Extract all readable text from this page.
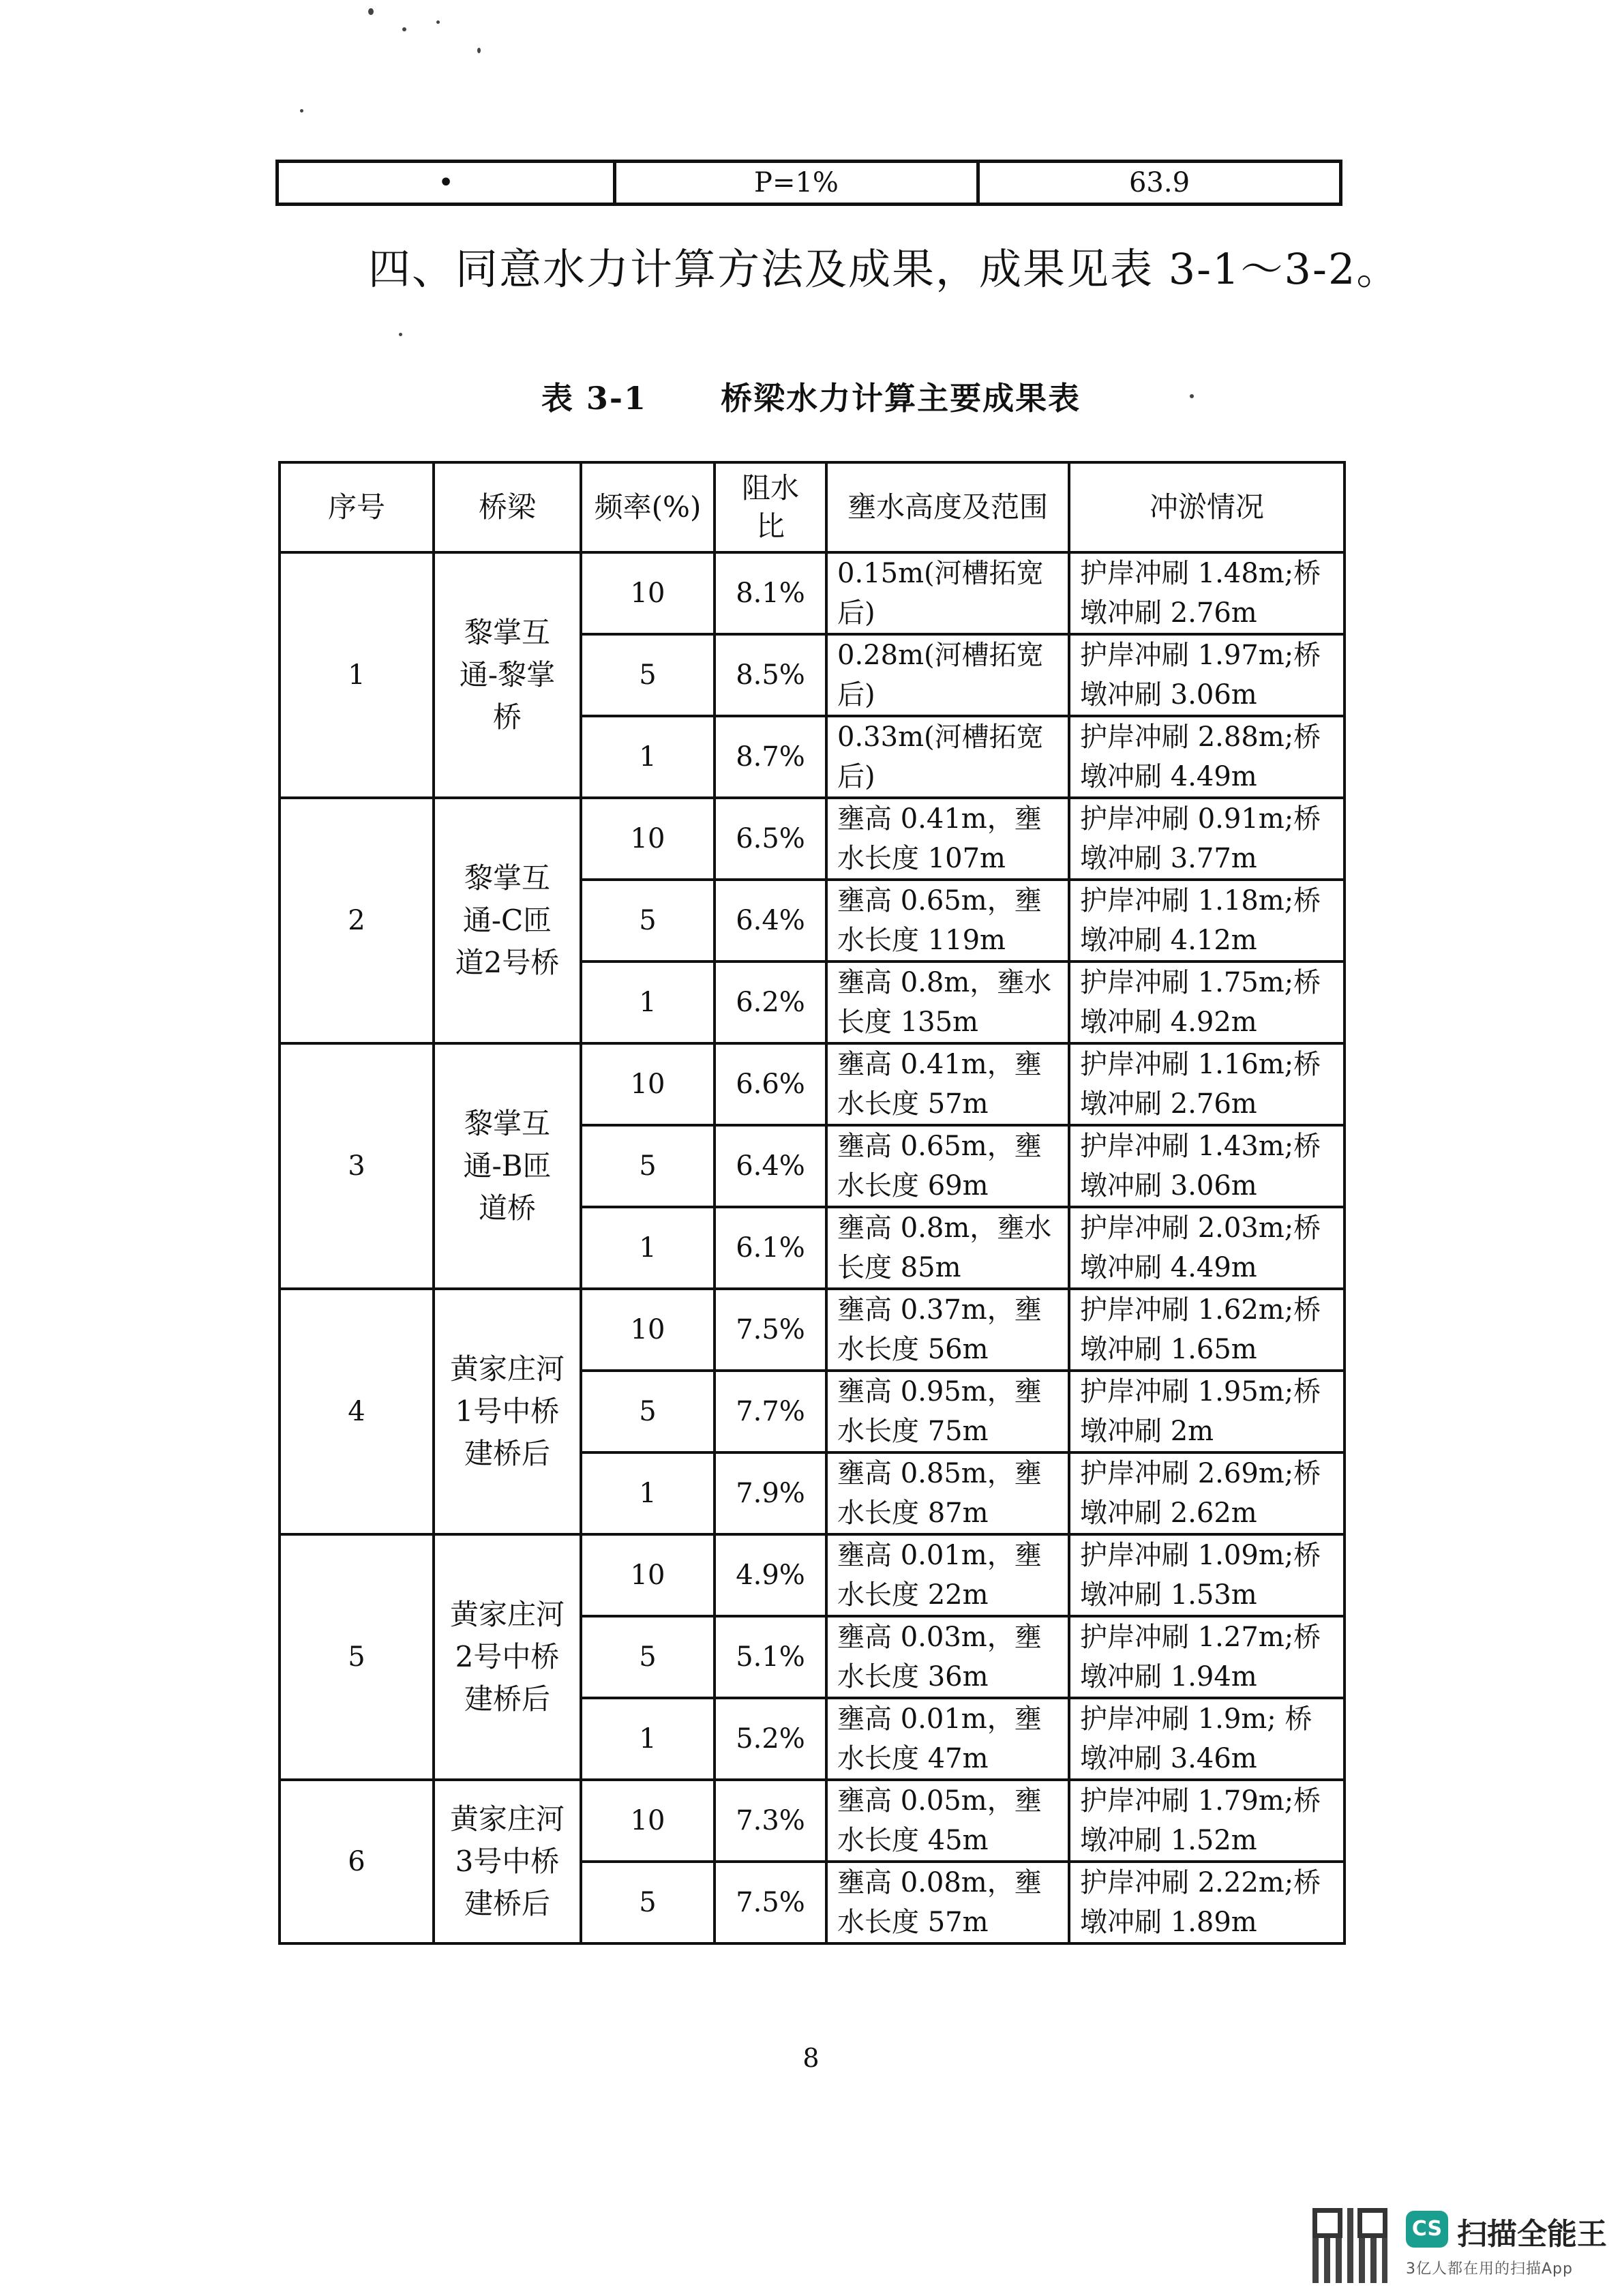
•	P=1%	63.9
四、同意水力计算方法及成果，成果见表 3-1～3-2。
表 3-1 桥梁水力计算主要成果表
序号	桥梁	频率(%)	阻水比	壅水高度及范围	冲淤情况
1	黎掌互通-黎掌桥	10	8.1%	0.15m(河槽拓宽后)	护岸冲刷 1.48m;桥墩冲刷 2.76m
		5	8.5%	0.28m(河槽拓宽后)	护岸冲刷 1.97m;桥墩冲刷 3.06m
		1	8.7%	0.33m(河槽拓宽后)	护岸冲刷 2.88m;桥墩冲刷 4.49m
2	黎掌互通-C匝道2号桥	10	6.5%	壅高 0.41m，壅水长度 107m	护岸冲刷 0.91m;桥墩冲刷 3.77m
		5	6.4%	壅高 0.65m，壅水长度 119m	护岸冲刷 1.18m;桥墩冲刷 4.12m
		1	6.2%	壅高 0.8m，壅水长度 135m	护岸冲刷 1.75m;桥墩冲刷 4.92m
3	黎掌互通-B匝道桥	10	6.6%	壅高 0.41m，壅水长度 57m	护岸冲刷 1.16m;桥墩冲刷 2.76m
		5	6.4%	壅高 0.65m，壅水长度 69m	护岸冲刷 1.43m;桥墩冲刷 3.06m
		1	6.1%	壅高 0.8m，壅水长度 85m	护岸冲刷 2.03m;桥墩冲刷 4.49m
4	黄家庄河1号中桥建桥后	10	7.5%	壅高 0.37m，壅水长度 56m	护岸冲刷 1.62m;桥墩冲刷 1.65m
		5	7.7%	壅高 0.95m，壅水长度 75m	护岸冲刷 1.95m;桥墩冲刷 2m
		1	7.9%	壅高 0.85m，壅水长度 87m	护岸冲刷 2.69m;桥墩冲刷 2.62m
5	黄家庄河2号中桥建桥后	10	4.9%	壅高 0.01m，壅水长度 22m	护岸冲刷 1.09m;桥墩冲刷 1.53m
		5	5.1%	壅高 0.03m，壅水长度 36m	护岸冲刷 1.27m;桥墩冲刷 1.94m
		1	5.2%	壅高 0.01m，壅水长度 47m	护岸冲刷 1.9m; 桥墩冲刷 3.46m
6	黄家庄河3号中桥建桥后	10	7.3%	壅高 0.05m，壅水长度 45m	护岸冲刷 1.79m;桥墩冲刷 1.52m
		5	7.5%	壅高 0.08m，壅水长度 57m	护岸冲刷 2.22m;桥墩冲刷 1.89m
8
CS 扫描全能王
3亿人都在用的扫描App
